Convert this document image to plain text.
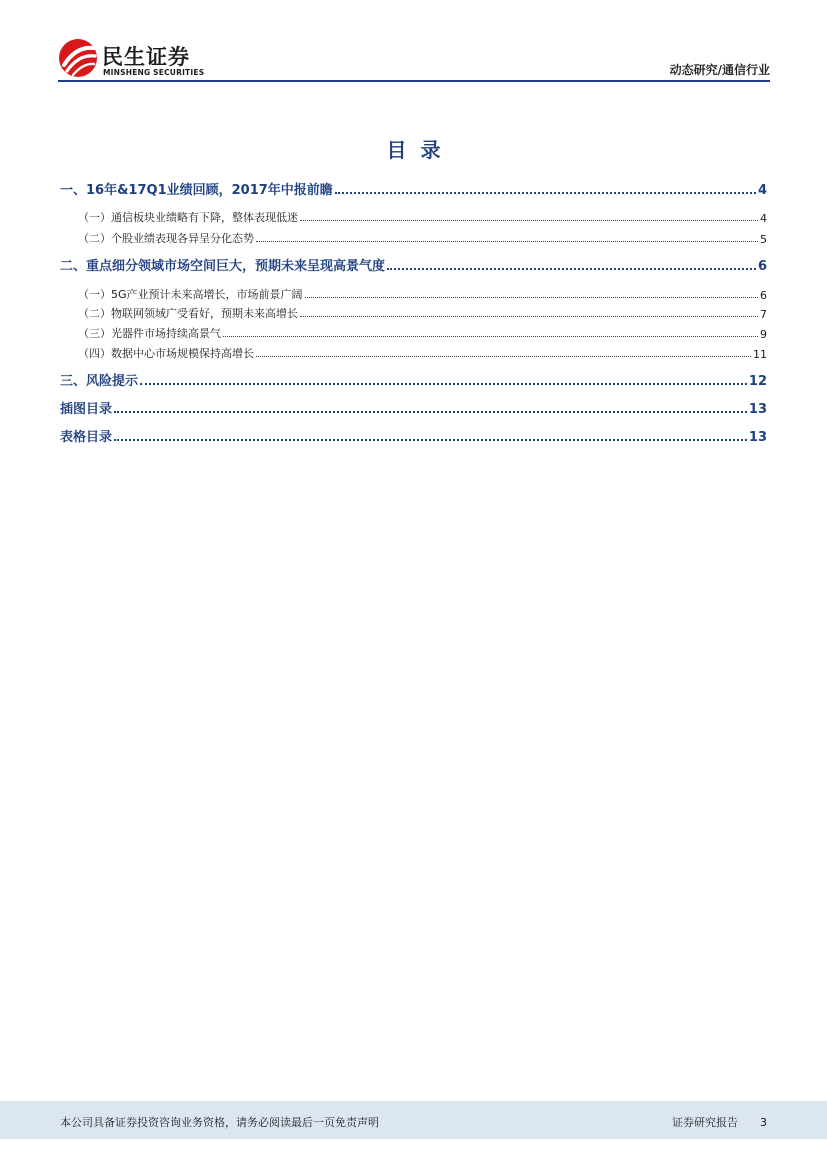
民生证券
MINSHENG SECURITIES	动态研究/通信行业
目录
一、16年&17Q1业绩回顾，2017年中报前瞻	4
（一）通信板块业绩略有下降，整体表现低迷	4
（二）个股业绩表现各异呈分化态势	5
二、重点细分领域市场空间巨大，预期未来呈现高景气度	6
（一）5G产业预计未来高增长，市场前景广阔	6
（二）物联网领域广受看好，预期未来高增长	7
（三）光器件市场持续高景气	9
（四）数据中心市场规模保持高增长	11
三、风险提示	12
插图目录	13
表格目录	13
本公司具备证券投资咨询业务资格，请务必阅读最后一页免责声明	证券研究报告 3
